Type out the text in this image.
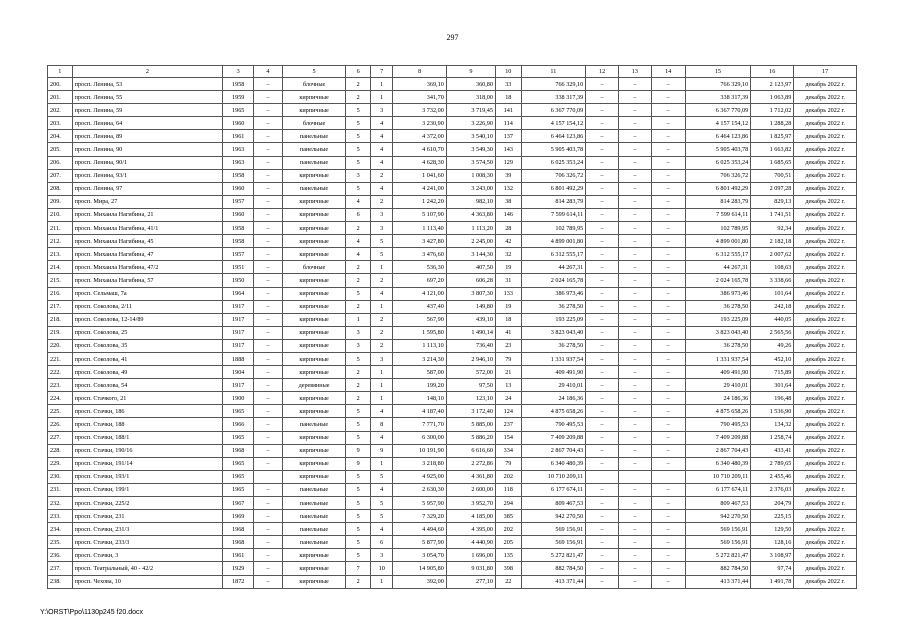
297
1	2	3	4	5	6	7	8	9	10	11	12	13	14	15	16	17
200.	просп. Ленина, 53	1958	–	блочные	2	1	369,10	360,80	33	766 329,10	–	–	–	766 329,10	2 123,97	декабрь 2022 г.
201.	просп. Ленина, 55	1959	–	кирпичные	2	1	341,70	318,00	18	338 317,39	–	–	–	338 317,39	1 063,89	декабрь 2022 г.
202.	просп. Ленина, 59	1965	–	кирпичные	5	3	3 732,00	3 719,45	141	6 367 770,09	–	–	–	6 367 770,09	1 712,02	декабрь 2022 г.
203.	просп. Ленина, 64	1960	–	блочные	5	4	3 230,90	3 226,90	114	4 157 154,12	–	–	–	4 157 154,12	1 288,28	декабрь 2022 г.
204.	просп. Ленина, 89	1961	–	панельные	5	4	4 372,00	3 540,10	137	6 464 123,86	–	–	–	6 464 123,86	1 825,97	декабрь 2022 г.
205.	просп. Ленина, 90	1963	–	панельные	5	4	4 610,70	3 549,30	143	5 905 403,78	–	–	–	5 905 403,78	1 663,82	декабрь 2022 г.
206.	просп. Ленина, 90/1	1963	–	панельные	5	4	4 628,30	3 574,50	129	6 025 353,24	–	–	–	6 025 353,24	1 685,65	декабрь 2022 г.
207.	просп. Ленина, 93/1	1958	–	кирпичные	3	2	1 041,60	1 008,30	39	706 326,72	–	–	–	706 326,72	700,51	декабрь 2022 г.
208.	просп. Ленина, 97	1960	–	панельные	5	4	4 241,00	3 243,00	132	6 801 492,29	–	–	–	6 801 492,29	2 097,28	декабрь 2022 г.
209.	просп. Мира, 27	1957	–	кирпичные	4	2	1 242,20	982,10	38	814 283,79	–	–	–	814 283,79	829,13	декабрь 2022 г.
210.	просп. Михаила Нагибина, 21	1960	–	кирпичные	6	3	5 107,90	4 363,80	146	7 599 614,11	–	–	–	7 599 614,11	1 741,51	декабрь 2022 г.
211.	просп. Михаила Нагибина, 41/1	1958	–	кирпичные	2	3	1 113,40	1 113,20	28	102 789,95	–	–	–	102 789,95	92,34	декабрь 2022 г.
212.	просп. Михаила Нагибина, 45	1958	–	кирпичные	4	5	3 427,80	2 245,00	42	4 899 001,80	–	–	–	4 899 001,80	2 182,18	декабрь 2022 г.
213.	просп. Михаила Нагибина, 47	1957	–	кирпичные	4	5	3 476,60	3 144,30	32	6 312 555,17	–	–	–	6 312 555,17	2 007,62	декабрь 2022 г.
214.	просп. Михаила Нагибина, 47/2	1951	–	блочные	2	1	536,30	407,50	19	44 267,31	–	–	–	44 267,31	108,63	декабрь 2022 г.
215.	просп. Михаила Нагибина, 57	1950	–	кирпичные	2	2	697,20	606,28	31	2 024 165,78	–	–	–	2 024 165,78	3 338,66	декабрь 2022 г.
216.	просп. Сельмаш, 7а	1964	–	кирпичные	5	4	4 121,00	3 807,30	133	386 973,46	–	–	–	386 973,46	101,64	декабрь 2022 г.
217.	просп. Соколова, 2/11	1917	–	кирпичные	2	1	437,40	149,80	19	36 278,50	–	–	–	36 278,50	242,18	декабрь 2022 г.
218.	просп. Соколова, 12-14/89	1917	–	кирпичные	1	2	567,90	439,10	18	193 225,09	–	–	–	193 225,09	440,05	декабрь 2022 г.
219.	просп. Соколова, 25	1917	–	кирпичные	3	2	1 595,80	1 490,14	41	3 823 043,40	–	–	–	3 823 043,40	2 565,56	декабрь 2022 г.
220.	просп. Соколова, 35	1917	–	кирпичные	3	2	1 113,10	736,40	23	36 278,50	–	–	–	36 278,50	49,26	декабрь 2022 г.
221.	просп. Соколова, 41	1888	–	кирпичные	5	3	3 214,30	2 946,10	79	1 331 937,54	–	–	–	1 331 937,54	452,10	декабрь 2022 г.
222.	просп. Соколова, 49	1904	–	кирпичные	2	1	587,00	572,00	21	409 491,90	–	–	–	409 491,90	715,89	декабрь 2022 г.
223.	просп. Соколова, 54	1917	–	деревянные	2	1	199,20	97,50	13	29 410,01	–	–	–	29 410,01	301,64	декабрь 2022 г.
224.	просп. Стачкого, 21	1900	–	кирпичные	2	1	148,10	123,10	24	24 186,36	–	–	–	24 186,36	196,48	декабрь 2022 г.
225.	просп. Стачки, 186	1965	–	кирпичные	5	4	4 187,40	3 172,40	124	4 875 658,26	–	–	–	4 875 658,26	1 536,90	декабрь 2022 г.
226.	просп. Стачки, 188	1966	–	панельные	5	8	7 771,70	5 885,00	237	790 495,53	–	–	–	790 495,53	134,32	декабрь 2022 г.
227.	просп. Стачки, 188/1	1965	–	кирпичные	5	4	6 300,00	5 886,20	154	7 409 209,88	–	–	–	7 409 209,88	1 258,74	декабрь 2022 г.
228.	просп. Стачки, 190/16	1968	–	кирпичные	9	9	10 191,90	6 616,60	334	2 867 704,43	–	–	–	2 867 704,43	433,41	декабрь 2022 г.
229.	просп. Стачки, 191/14	1965	–	кирпичные	9	1	3 218,80	2 272,86	79	6 340 480,39	–	–	–	6 340 480,39	2 789,65	декабрь 2022 г.
230.	просп. Стачки, 193/1	1965		кирпичные	5	5	4 925,00	4 361,80	202	10 710 209,11				10 710 209,11	2 455,46	декабрь 2022 г.
231.	просп. Стачки, 199/1	1965	–	панельные	5	4	2 630,30	2 600,00	118	6 177 674,11	–	–	–	6 177 674,11	2 376,03	декабрь 2022 г.
232.	просп. Стачки, 225/2	1967	–	панельные	5	5	5 957,90	3 952,70	294	809 467,53	–	–	–	809 467,53	204,79	декабрь 2022 г.
233.	просп. Стачки, 231	1969	–	панельные	5	5	7 329,20	4 185,00	385	942 270,50	–	–	–	942 270,50	225,15	декабрь 2022 г.
234.	просп. Стачки, 231/3	1968	–	панельные	5	4	4 494,60	4 395,00	202	569 156,91	–	–	–	569 156,91	129,50	декабрь 2022 г.
235.	просп. Стачки, 233/3	1968	–	панельные	5	6	5 877,90	4 440,90	205	569 156,91	–	–	–	569 156,91	128,16	декабрь 2022 г.
236.	просп. Стачки, 3	1961	–	кирпичные	5	3	3 054,70	1 696,00	135	5 272 821,47	–	–	–	5 272 821,47	3 108,97	декабрь 2022 г.
237.	просп. Театральный, 40 - 42/2	1929	–	кирпичные	7	10	14 905,80	9 031,80	398	882 784,50	–	–	–	882 784,50	97,74	декабрь 2022 г.
238.	просп. Чехова, 10	1872	–	кирпичные	2	1	392,00	277,10	22	413 371,44	–	–	–	413 371,44	1 491,78	декабрь 2022 г.
Y:\ORST\Ppo\1130p245 f20.docx
